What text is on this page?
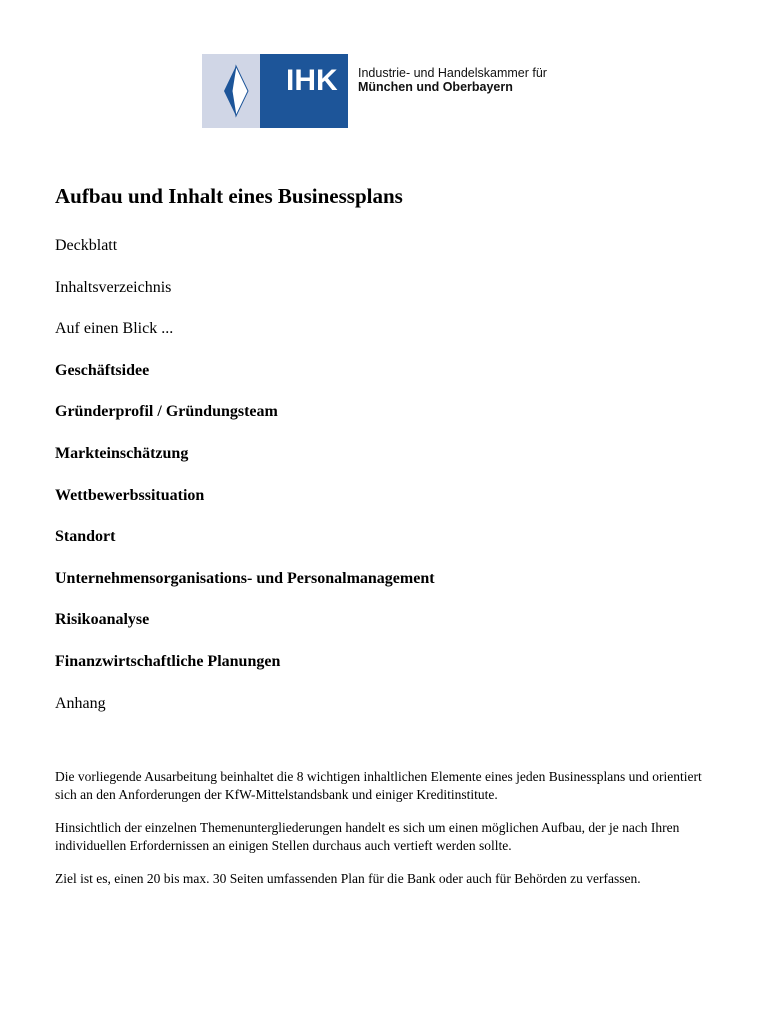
IHK Industrie- und Handelskammer für
München und Oberbayern
Aufbau und Inhalt eines Businessplans
Deckblatt
Inhaltsverzeichnis
Auf einen Blick ...
Geschäftsidee
Gründerprofil / Gründungsteam
Markteinschätzung
Wettbewerbssituation
Standort
Unternehmensorganisations- und Personalmanagement
Risikoanalyse
Finanzwirtschaftliche Planungen
Anhang

Die vorliegende Ausarbeitung beinhaltet die 8 wichtigen inhaltlichen Elemente eines jeden Businessplans und orientiert sich an den Anforderungen der KfW-Mittelstandsbank und einiger Kreditinstitute.

Hinsichtlich der einzelnen Themenuntergliederungen handelt es sich um einen möglichen Aufbau, der je nach Ihren individuellen Erfordernissen an einigen Stellen durchaus auch vertieft werden sollte.

Ziel ist es, einen 20 bis max. 30 Seiten umfassenden Plan für die Bank oder auch für Behörden zu verfassen.
